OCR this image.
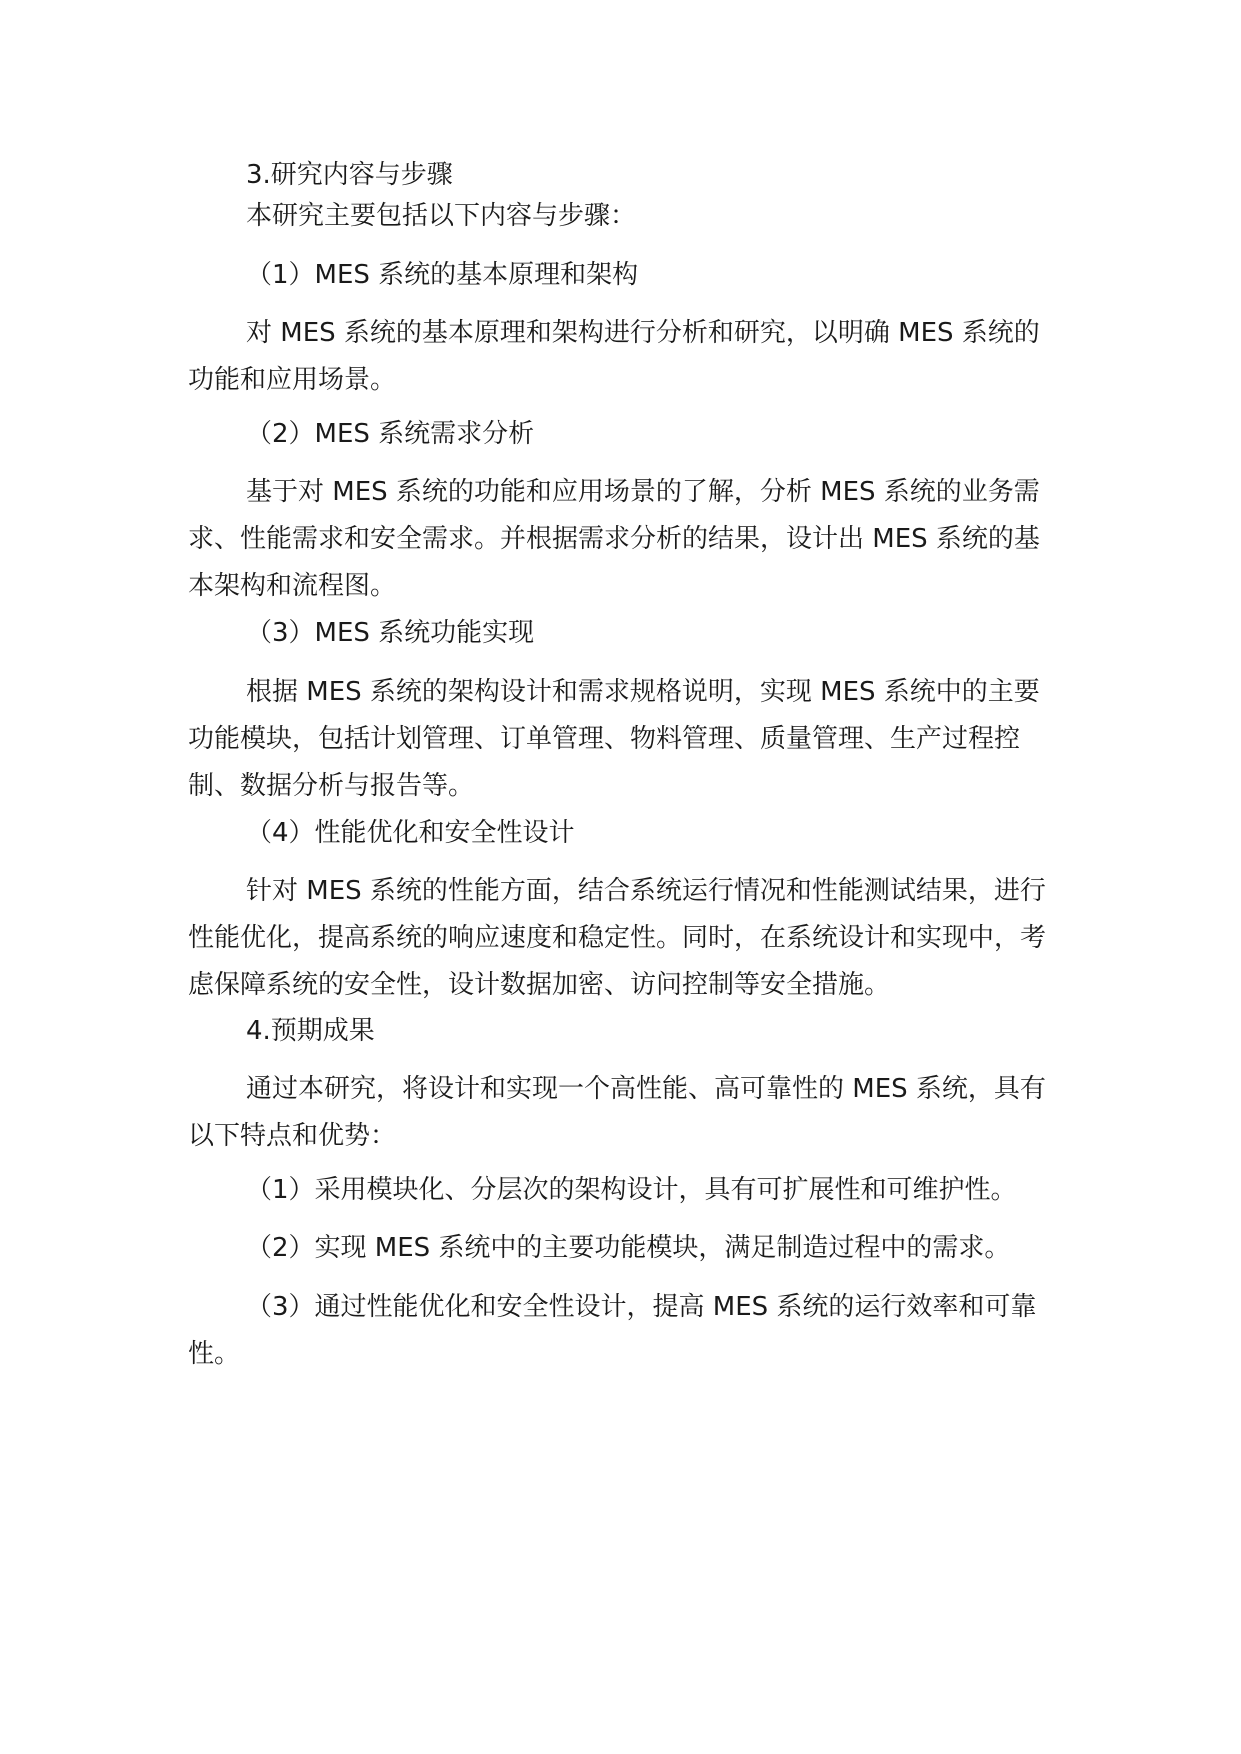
3.研究内容与步骤

本研究主要包括以下内容与步骤：

（1）MES 系统的基本原理和架构

对 MES 系统的基本原理和架构进行分析和研究，以明确 MES 系统的功能和应用场景。

（2）MES 系统需求分析

基于对 MES 系统的功能和应用场景的了解，分析 MES 系统的业务需求、性能需求和安全需求。并根据需求分析的结果，设计出 MES 系统的基本架构和流程图。

（3）MES 系统功能实现

根据 MES 系统的架构设计和需求规格说明，实现 MES 系统中的主要功能模块，包括计划管理、订单管理、物料管理、质量管理、生产过程控制、数据分析与报告等。

（4）性能优化和安全性设计

针对 MES 系统的性能方面，结合系统运行情况和性能测试结果，进行性能优化，提高系统的响应速度和稳定性。同时，在系统设计和实现中，考虑保障系统的安全性，设计数据加密、访问控制等安全措施。

4.预期成果

通过本研究，将设计和实现一个高性能、高可靠性的 MES 系统，具有以下特点和优势：

（1）采用模块化、分层次的架构设计，具有可扩展性和可维护性。

（2）实现 MES 系统中的主要功能模块，满足制造过程中的需求。

（3）通过性能优化和安全性设计，提高 MES 系统的运行效率和可靠性。
